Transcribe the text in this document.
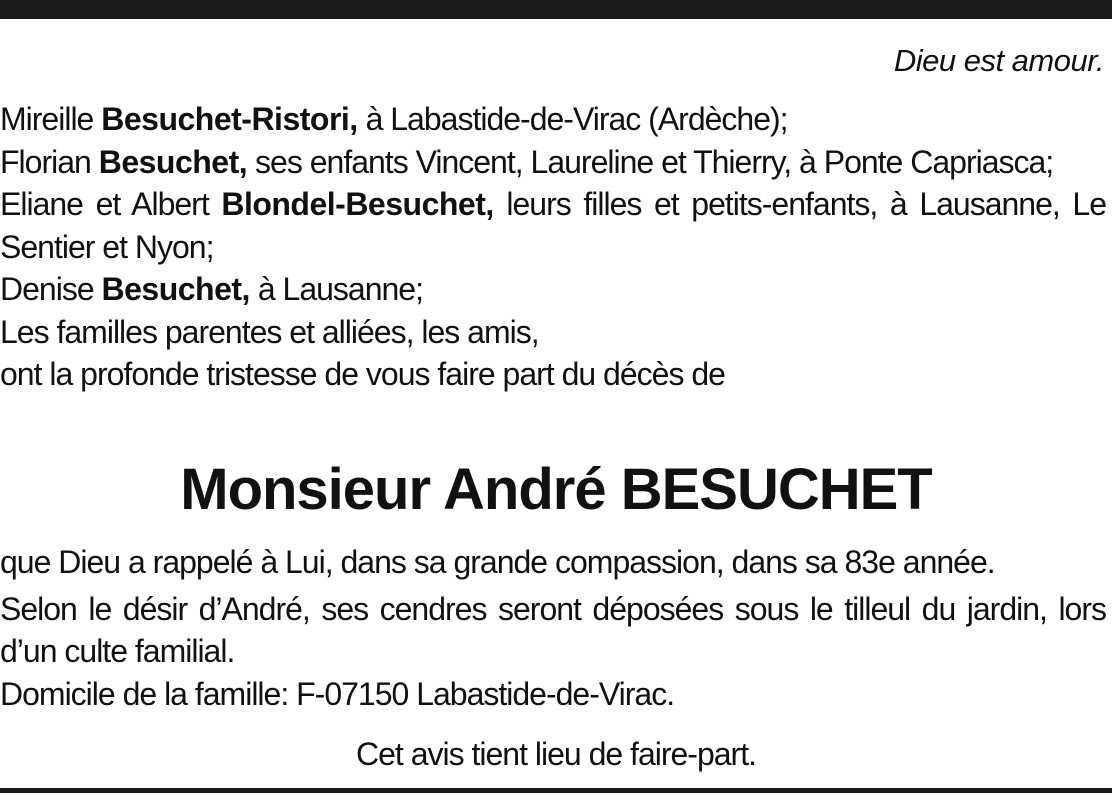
Dieu est amour.
Mireille Besuchet-Ristori, à Labastide-de-Virac (Ardèche);
Florian Besuchet, ses enfants Vincent, Laureline et Thierry, à Ponte Capriasca;
Eliane et Albert Blondel-Besuchet, leurs filles et petits-enfants, à Lausanne, Le Sentier et Nyon;
Denise Besuchet, à Lausanne;
Les familles parentes et alliées, les amis,
ont la profonde tristesse de vous faire part du décès de
Monsieur André BESUCHET
que Dieu a rappelé à Lui, dans sa grande compassion, dans sa 83e année.
Selon le désir d’André, ses cendres seront déposées sous le tilleul du jardin, lors d’un culte familial.
Domicile de la famille: F-07150 Labastide-de-Virac.
Cet avis tient lieu de faire-part.
